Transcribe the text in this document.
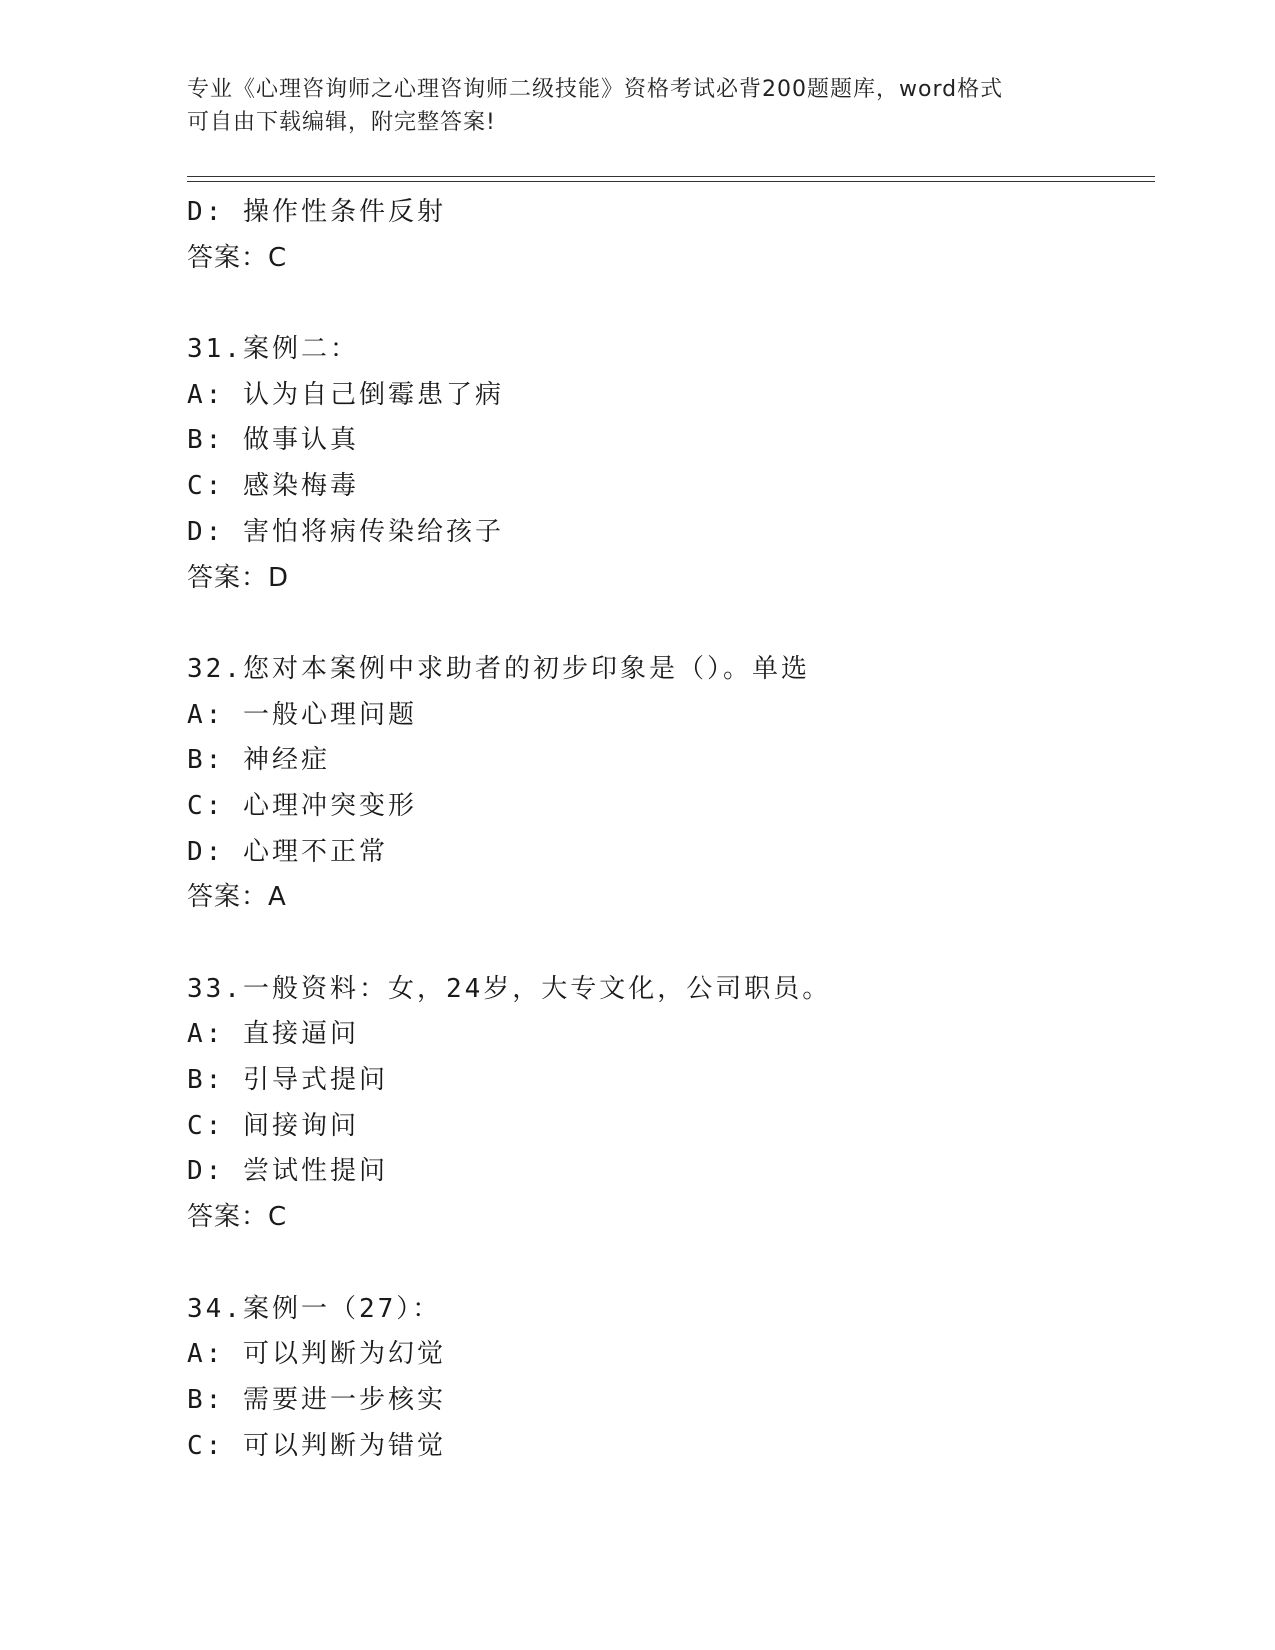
专业《心理咨询师之心理咨询师二级技能》资格考试必背200题题库，word格式
可自由下载编辑，附完整答案!
D: 操作性条件反射
答案：C
31.案例二：
A: 认为自己倒霉患了病
B: 做事认真
C: 感染梅毒
D: 害怕将病传染给孩子
答案：D
32.您对本案例中求助者的初步印象是（）。单选
A: 一般心理问题
B: 神经症
C: 心理冲突变形
D: 心理不正常
答案：A
33.一般资料：女，24岁，大专文化，公司职员。
A: 直接逼问
B: 引导式提问
C: 间接询问
D: 尝试性提问
答案：C
34.案例一（27）：
A: 可以判断为幻觉
B: 需要进一步核实
C: 可以判断为错觉
